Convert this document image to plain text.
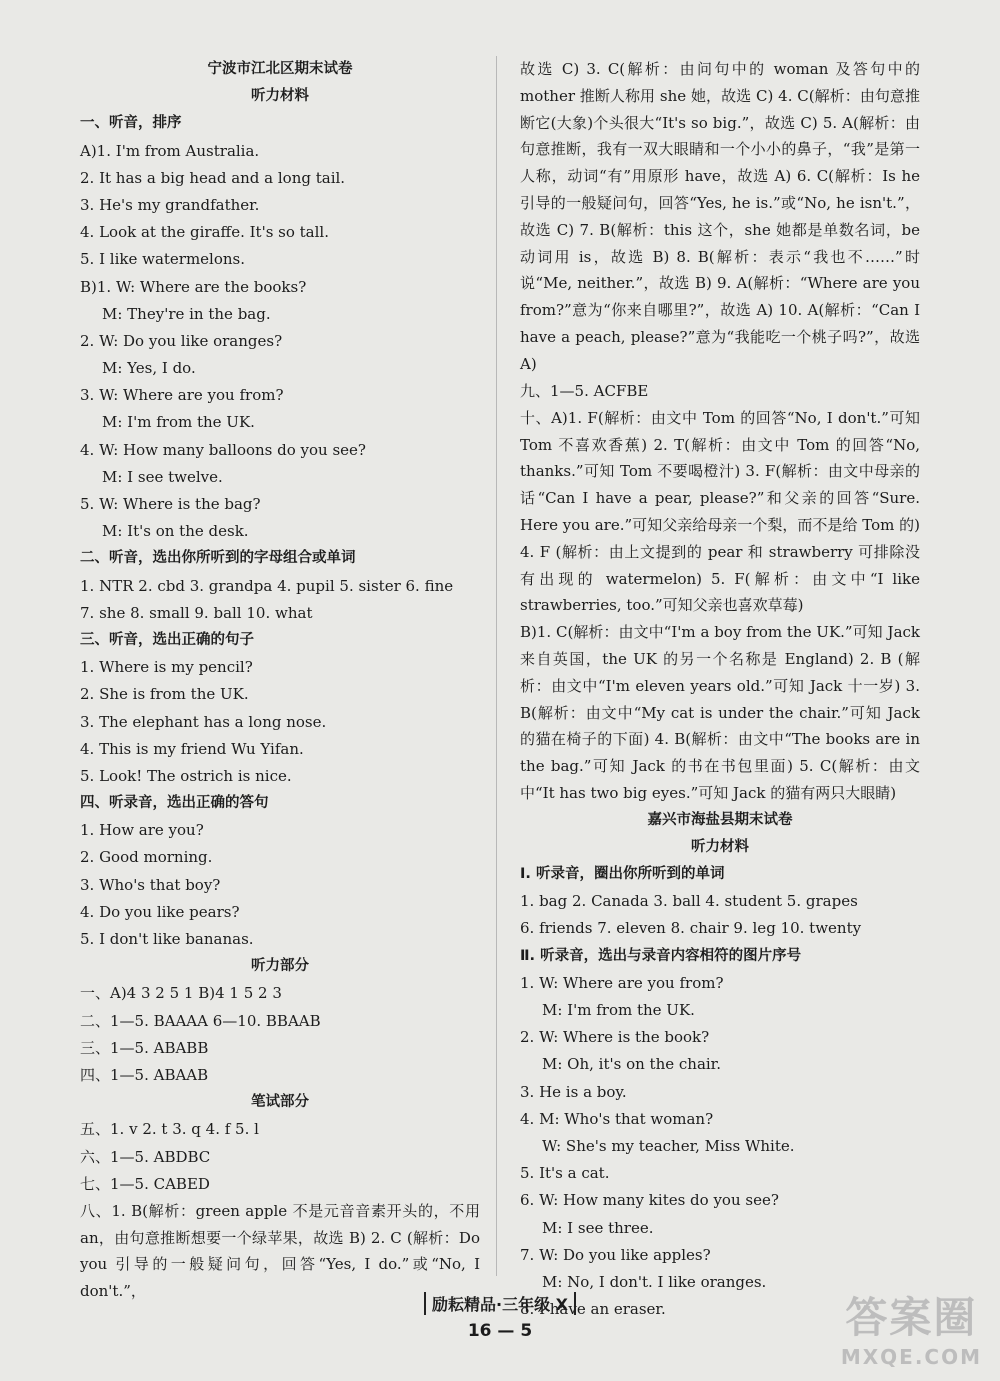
宁波市江北区期末试卷
听力材料
一、听音，排序
A)1. I'm from Australia.
2. It has a big head and a long tail.
3. He's my grandfather.
4. Look at the giraffe. It's so tall.
5. I like watermelons.
B)1. W: Where are the books?
M: They're in the bag.
2. W: Do you like oranges?
M: Yes, I do.
3. W: Where are you from?
M: I'm from the UK.
4. W: How many balloons do you see?
M: I see twelve.
5. W: Where is the bag?
M: It's on the desk.
二、听音，选出你所听到的字母组合或单词
1. NTR 2. cbd 3. grandpa 4. pupil 5. sister 6. fine
7. she 8. small 9. ball 10. what
三、听音，选出正确的句子
1. Where is my pencil?
2. She is from the UK.
3. The elephant has a long nose.
4. This is my friend Wu Yifan.
5. Look! The ostrich is nice.
四、听录音，选出正确的答句
1. How are you?
2. Good morning.
3. Who's that boy?
4. Do you like pears?
5. I don't like bananas.
听力部分
一、A)4 3 2 5 1 B)4 1 5 2 3
二、1—5. BAAAA 6—10. BBAAB
三、1—5. ABABB
四、1—5. ABAAB
笔试部分
五、1. v 2. t 3. q 4. f 5. l
六、1—5. ABDBC
七、1—5. CABED
八、1. B(解析：green apple 不是元音音素开头的，不用 an，由句意推断想要一个绿苹果，故选 B) 2. C (解析：Do you 引导的一般疑问句，回答“Yes, I do.”或“No, I don't.”，
故选 C) 3. C(解析：由问句中的 woman 及答句中的 mother 推断人称用 she 她，故选 C) 4. C(解析：由句意推断它(大象)个头很大“It's so big.”，故选 C) 5. A(解析：由句意推断，我有一双大眼睛和一个小小的鼻子，“我”是第一人称，动词“有”用原形 have，故选 A) 6. C(解析：Is he 引导的一般疑问句，回答“Yes, he is.”或“No, he isn't.”，故选 C) 7. B(解析：this 这个，she 她都是单数名词，be 动词用 is，故选 B) 8. B(解析：表示“我也不……”时说“Me, neither.”，故选 B) 9. A(解析：“Where are you from?”意为“你来自哪里?”，故选 A) 10. A(解析：“Can I have a peach, please?”意为“我能吃一个桃子吗?”，故选 A)
九、1—5. ACFBE
十、A)1. F(解析：由文中 Tom 的回答“No, I don't.”可知 Tom 不喜欢香蕉) 2. T(解析：由文中 Tom 的回答“No, thanks.”可知 Tom 不要喝橙汁) 3. F(解析：由文中母亲的话“Can I have a pear, please?”和父亲的回答“Sure. Here you are.”可知父亲给母亲一个梨，而不是给 Tom 的) 4. F (解析：由上文提到的 pear 和 strawberry 可排除没有出现的 watermelon) 5. F(解析：由文中“I like strawberries, too.”可知父亲也喜欢草莓)
B)1. C(解析：由文中“I'm a boy from the UK.”可知 Jack 来自英国，the UK 的另一个名称是 England) 2. B (解析：由文中“I'm eleven years old.”可知 Jack 十一岁) 3. B(解析：由文中“My cat is under the chair.”可知 Jack 的猫在椅子的下面) 4. B(解析：由文中“The books are in the bag.”可知 Jack 的书在书包里面) 5. C(解析：由文中“It has two big eyes.”可知 Jack 的猫有两只大眼睛)
嘉兴市海盐县期末试卷
听力材料
Ⅰ. 听录音，圈出你所听到的单词
1. bag 2. Canada 3. ball 4. student 5. grapes
6. friends 7. eleven 8. chair 9. leg 10. twenty
Ⅱ. 听录音，选出与录音内容相符的图片序号
1. W: Where are you from?
M: I'm from the UK.
2. W: Where is the book?
M: Oh, it's on the chair.
3. He is a boy.
4. M: Who's that woman?
W: She's my teacher, Miss White.
5. It's a cat.
6. W: How many kites do you see?
M: I see three.
7. W: Do you like apples?
M: No, I don't. I like oranges.
8. I have an eraser.
励耘精品·三年级 X
16 — 5	答案圈
MXQE.COM
